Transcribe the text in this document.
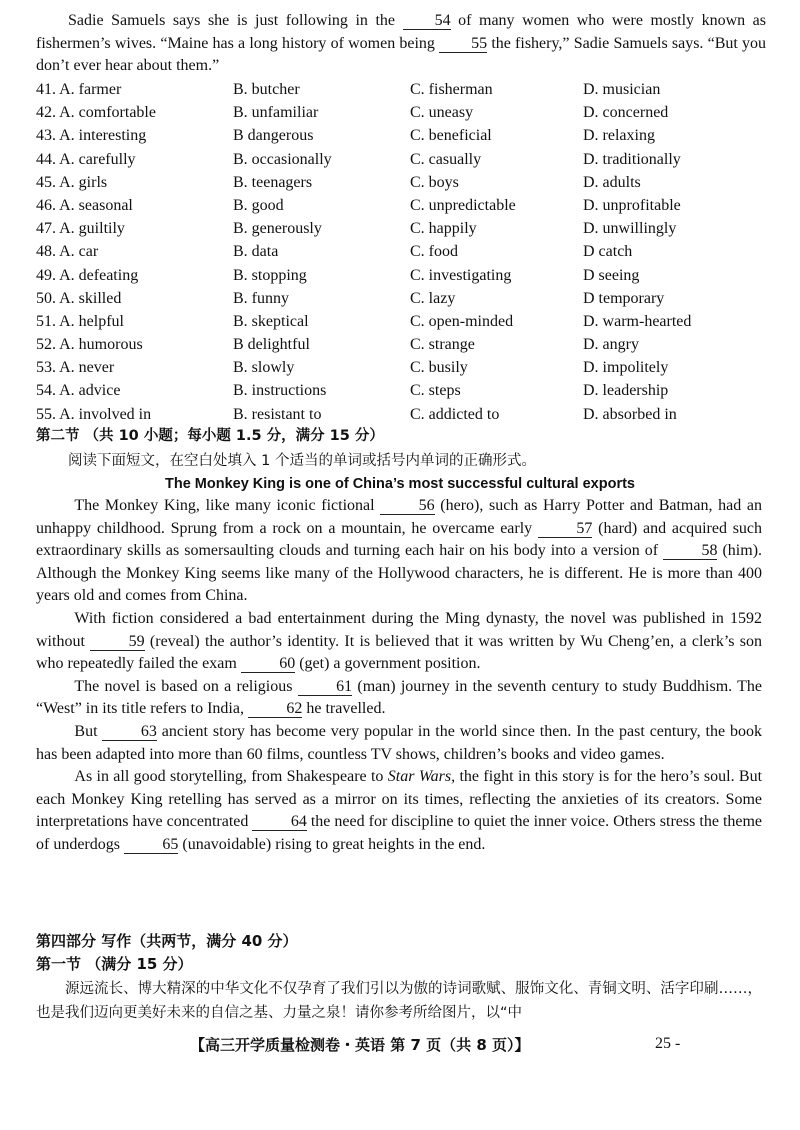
Sadie Samuels says she is just following in the 54 of many women who were mostly known as fishermen’s wives. “Maine has a long history of women being 55 the fishery,” Sadie Samuels says. “But you don’t ever hear about them.”

41. A. farmer	B. butcher	C. fisherman	D. musician
42. A. comfortable	B. unfamiliar	C. uneasy	D. concerned
43. A. interesting	B dangerous	C. beneficial	D. relaxing
44. A. carefully	B. occasionally	C. casually	D. traditionally
45. A. girls	B. teenagers	C. boys	D. adults
46. A. seasonal	B. good	C. unpredictable	D. unprofitable
47. A. guiltily	B. generously	C. happily	D. unwillingly
48. A. car	B. data	C. food	D catch
49. A. defeating	B. stopping	C. investigating	D seeing
50. A. skilled	B. funny	C. lazy	D temporary
51. A. helpful	B. skeptical	C. open-minded	D. warm-hearted
52. A. humorous	B delightful	C. strange	D. angry
53. A. never	B. slowly	C. busily	D. impolitely
54. A. advice	B. instructions	C. steps	D. leadership
55. A. involved in	B. resistant to	C. addicted to	D. absorbed in
第二节 （共 10 小题；每小题 1.5 分，满分 15 分）
阅读下面短文，在空白处填入 1 个适当的单词或括号内单词的正确形式。
The Monkey King is one of China’s most successful cultural exports

The Monkey King, like many iconic fictional	56 (hero), such as Harry Potter and Batman, had an unhappy childhood. Sprung from a rock on a mountain, he overcame early	57 (hard) and acquired such extraordinary skills as somersaulting clouds and turning each hair on his body into a version of	58 (him). Although the Monkey King seems like many of the Hollywood characters, he is different. He is more than 400 years old and comes from China.

With fiction considered a bad entertainment during the Ming dynasty, the novel was published in 1592 without	59 (reveal) the author’s identity. It is believed that it was written by Wu Cheng’en, a clerk’s son who repeatedly failed the exam	60 (get) a government position.

The novel is based on a religious	61 (man) journey in the seventh century to study Buddhism. The “West” in its title refers to India,	62 he travelled.

But	63 ancient story has become very popular in the world since then. In the past century, the book has been adapted into more than 60 films, countless TV shows, children’s books and video games.

As in all good storytelling, from Shakespeare to Star Wars, the fight in this story is for the hero’s soul. But each Monkey King retelling has served as a mirror on its times, reflecting the anxieties of its creators. Some interpretations have concentrated	64 the need for discipline to quiet the inner voice. Others stress the theme of underdogs	65 (unavoidable) rising to great heights in the end.

第四部分 写作（共两节，满分 40 分）
第一节 （满分 15 分）

源远流长、博大精深的中华文化不仅孕育了我们引以为傲的诗词歌赋、服饰文化、青铜文明、活字印刷……，也是我们迈向更美好未来的自信之基、力量之泉！请你参考所给图片，以“中

【高三开学质量检测卷・英语 第 7 页（共 8 页）】	25 -
